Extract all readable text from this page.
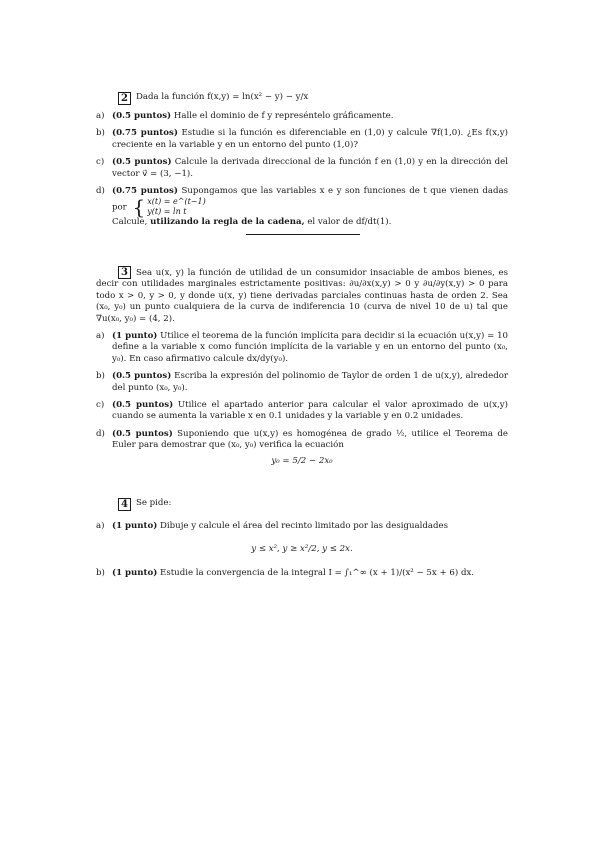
2 Dada la función f(x,y) = ln(x² − y) − y/x
a) (0.5 puntos) Halle el dominio de f y represéntelo gráficamente.
b) (0.75 puntos) Estudie si la función es diferenciable en (1,0) y calcule ∇f(1,0). ¿Es f(x,y) creciente en la variable y en un entorno del punto (1,0)?
c) (0.5 puntos) Calcule la derivada direccional de la función f en (1,0) y en la dirección del vector v⃗ = (3, −1).
d) (0.75 puntos) Supongamos que las variables x e y son funciones de t que vienen dadas por { x(t) = e^(t−1)
y(t) = ln t

Calcule, utilizando la regla de la cadena, el valor de df/dt(1).
3 Sea u(x, y) la función de utilidad de un consumidor insaciable de ambos bienes, es decir con utilidades marginales estrictamente positivas: ∂u/∂x(x,y) > 0 y ∂u/∂y(x,y) > 0 para todo x > 0, y > 0, y donde u(x, y) tiene derivadas parciales continuas hasta de orden 2. Sea (x₀, y₀) un punto cualquiera de la curva de indiferencia 10 (curva de nivel 10 de u) tal que ∇u(x₀, y₀) = (4, 2).
a) (1 punto) Utilice el teorema de la función implícita para decidir si la ecuación u(x,y) = 10 define a la variable x como función implícita de la variable y en un entorno del punto (x₀, y₀). En caso afirmativo calcule dx/dy(y₀).
b) (0.5 puntos) Escriba la expresión del polinomio de Taylor de orden 1 de u(x,y), alrededor del punto (x₀, y₀).
c) (0.5 puntos) Utilice el apartado anterior para calcular el valor aproximado de u(x,y) cuando se aumenta la variable x en 0.1 unidades y la variable y en 0.2 unidades.
d) (0.5 puntos) Suponiendo que u(x,y) es homogénea de grado ½, utilice el Teorema de Euler para demostrar que (x₀, y₀) verifica la ecuación
y₀ = 5/2 − 2x₀
4 Se pide:
a) (1 punto) Dibuje y calcule el área del recinto limitado por las desigualdades
y ≤ x², y ≥ x²/2, y ≤ 2x.
b) (1 punto) Estudie la convergencia de la integral I = ∫₁^∞ (x + 1)/(x² − 5x + 6) dx.
